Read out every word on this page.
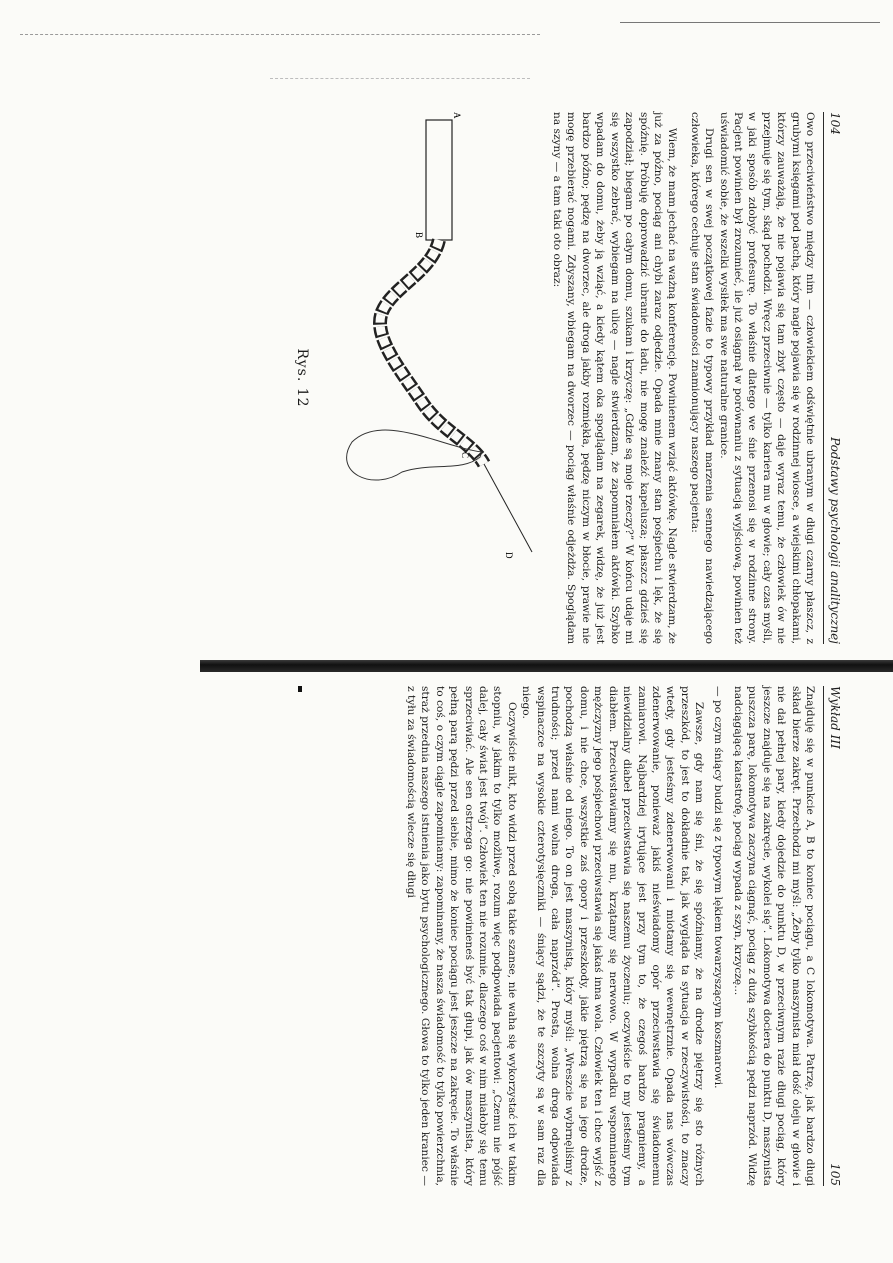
104
Podstawy psychologii analitycznej

Owo przeciwieństwo między nim — człowiekiem odświętnie ubranym w długi czarny płaszcz, z grubymi księgami pod pachą, który nagle pojawia się w rodzinnej wiosce, a wiejskimi chłopakami, którzy zauważają, że nie pojawia się tam zbyt często — daje wyraz temu, że człowiek ów nie przejmuje się tym, skąd pochodzi. Wręcz przeciwnie — tylko kariera mu w głowie; cały czas myśli, w jaki sposób zdobyć profesurę. To właśnie dlatego we śnie przenosi się w rodzinne strony. Pacjent powinien był zrozumieć, ile już osiągnął w porównaniu z sytuacją wyjściową, powinien też uświadomić sobie, że wszelki wysiłek ma swe naturalne granice.

Drugi sen w swej początkowej fazie to typowy przykład marzenia sennego nawiedzającego człowieka, którego cechuje stan świadomości znamionujący naszego pacjenta:

Wiem, że mam jechać na ważną konferencję. Powinienem wziąć aktówkę. Nagle stwierdzam, że już za późno, pociąg ani chybi zaraz odjedzie. Opada mnie znany stan pośpiechu i lęk, że się spóźnię. Próbuję doprowadzić ubranie do ładu, nie mogę znaleźć kapelusza; płaszcz gdzieś się zapodział; biegam po całym domu, szukam i krzyczę: „Gdzie są moje rzeczy?” W końcu udaje mi się wszystko zebrać, wybiegam na ulicę — nagle stwierdzam, że zapomniałem aktówki. Szybko wpadam do domu, żeby ją wziąć, a kiedy kątem oka spoglądam na zegarek, widzę, że już jest bardzo późno; pędzę na dworzec, ale droga jakby rozmiękła, pędzę niczym w błocie, prawie nie mogę przebierać nogami. Zdyszany, wbiegam na dworzec — pociąg właśnie odjeżdża. Spoglądam na szyny — a tam taki oto obraz:

A
B
C
D
Rys. 12
Wykład III
105

Znajduję się w punkcie A, B to koniec pociągu, a C lokomotywa. Patrzę, jak bardzo długi skład bierze zakręt. Przechodzi mi myśl: „Żeby tylko maszynista miał dość oleju w głowie i nie dał pełnej pary, kiedy dojedzie do punktu D, w przeciwnym razie długi pociąg, który jeszcze znajduje się na zakręcie, wykolei się”. Lokomotywa dociera do punktu D, maszynista puszcza parę, lokomotywa zaczyna ciągnąć, pociąg z dużą szybkością pędzi naprzód. Widzę nadciągającą katastrofę, pociąg wypada z szyn, krzyczę...

— po czym śniący budzi się z typowym lękiem towarzyszącym koszmarowi.

Zawsze, gdy nam się śni, że się spóźniamy, że na drodze piętrzy się sto różnych przeszkód, to jest to dokładnie tak, jak wygląda ta sytuacja w rzeczywistości, to znaczy wtedy, gdy jesteśmy zdenerwowani i miotamy się wewnętrznie. Opada nas wówczas zdenerwowanie, ponieważ jakiś nieświadomy opór przeciwstawia się świadomemu zamiarowi. Najbardziej irytujące jest przy tym to, że czegoś bardzo pragniemy, a niewidzialny diabeł przeciwstawia się naszemu życzeniu; oczywiście to my jesteśmy tym diabłem. Przeciwstawiamy się mu, krzątamy się nerwowo. W wypadku wspomnianego mężczyzny jego pośpiechowi przeciwstawia się jakaś inna wola. Człowiek ten i chce wyjść z domu, i nie chce, wszystkie zaś opory i przeszkody, jakie piętrzą się na jego drodze, pochodzą właśnie od niego. To on jest maszynistą, który myśli: „Wreszcie wybrnęliśmy z trudności; przed nami wolna droga, cała naprzód”. Prosta, wolna droga odpowiada wspinaczce na wysokie czterotysięczniki — śniący sądzi, że te szczyty są w sam raz dla niego.

Oczywiście nikt, kto widzi przed sobą takie szanse, nie waha się wykorzystać ich w takim stopniu, w jakim to tylko możliwe, rozum więc podpowiada pacjentowi: „Czemu nie pójść dalej, cały świat jest twój”. Człowiek ten nie rozumie, dlaczego coś w nim miałoby się temu sprzeciwiać. Ale sen ostrzega go: nie powinieneś być tak głupi, jak ów maszynista, który pełną parą pędzi przed siebie, mimo że koniec pociągu jest jeszcze na zakręcie. To właśnie to coś, o czym ciągle zapominamy: zapominamy, że nasza świadomość to tylko powierzchnia, straż przednia naszego istnienia jako bytu psychologicznego. Głowa to tylko jeden kraniec — z tyłu za świadomością wlecze się długi
